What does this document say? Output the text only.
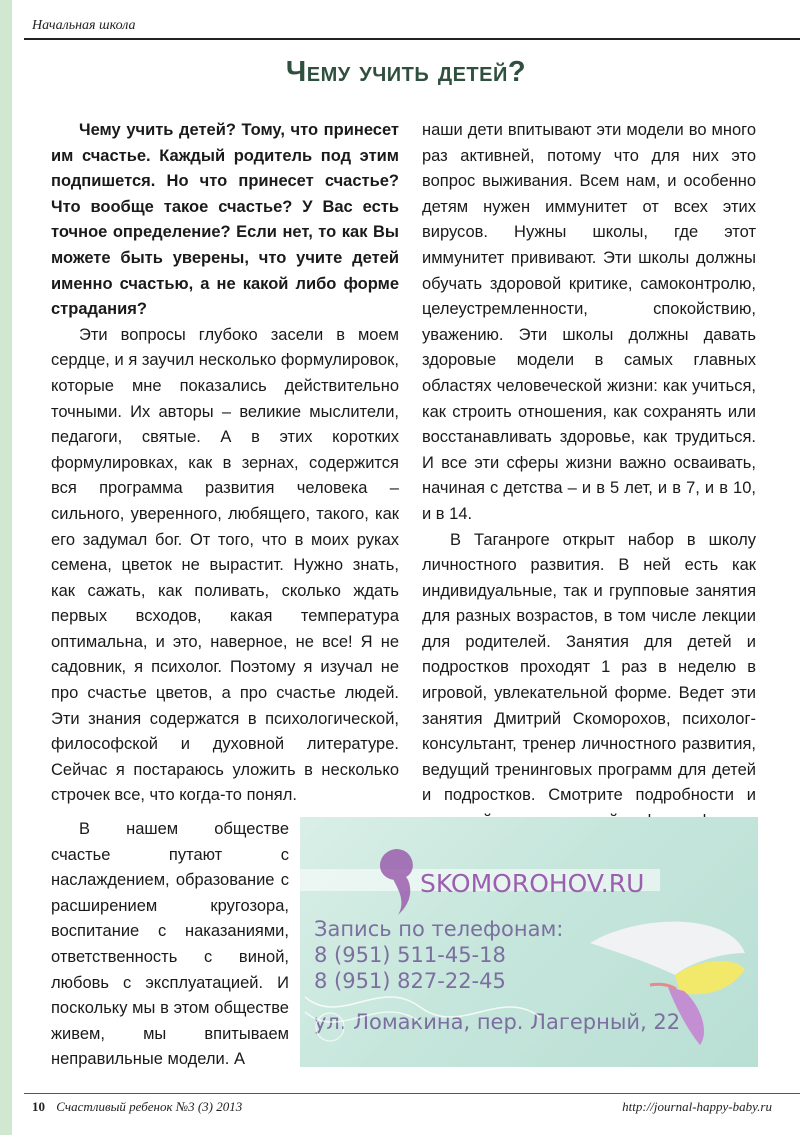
Начальная школа
Чему учить детей?

Чему учить детей? Тому, что принесет им счастье. Каждый родитель под этим подпишется. Но что принесет счастье? Что вообще такое счастье? У Вас есть точное определение? Если нет, то как Вы можете быть уверены, что учите детей именно счастью, а не какой либо форме страдания?

Эти вопросы глубоко засели в моем сердце, и я заучил несколько формулировок, которые мне показались действительно точными. Их авторы – великие мыслители, педагоги, святые. А в этих коротких формулировках, как в зернах, содержится вся программа развития человека – сильного, уверенного, любящего, такого, как его задумал бог. От того, что в моих руках семена, цветок не вырастит. Нужно знать, как сажать, как поливать, сколько ждать первых всходов, какая температура оптимальна, и это, наверное, не все! Я не садовник, я психолог. Поэтому я изучал не про счастье цветов, а про счастье людей. Эти знания содержатся в психологической, философской и духовной литературе. Сейчас я постараюсь уложить в несколько строчек все, что когда-то понял.

В нашем обществе счастье путают с наслаждением, образование с расширением кругозора, воспитание с наказаниями, ответственность с виной, любовь с эксплуатацией. И поскольку мы в этом обществе живем, мы впитываем неправильные модели. А

наши дети впитывают эти модели во много раз активней, потому что для них это вопрос выживания. Всем нам, и особенно детям нужен иммунитет от всех этих вирусов. Нужны школы, где этот иммунитет прививают. Эти школы должны обучать здоровой критике, самоконтролю, целеустремленности, спокойствию, уважению. Эти школы должны давать здоровые модели в самых главных областях человеческой жизни: как учиться, как строить отношения, как сохранять или восстанавливать здоровье, как трудиться. И все эти сферы жизни важно осваивать, начиная с детства – и в 5 лет, и в 7, и в 10, и в 14.

В Таганроге открыт набор в школу личностного развития. В ней есть как индивидуальные, так и групповые занятия для разных возрастов, в том числе лекции для родителей. Занятия для детей и подростков проходят 1 раз в неделю в игровой, увлекательной форме. Ведет эти занятия Дмитрий Скоморохов, психолог-консультант, тренер личностного развития, ведущий тренинговых программ для детей и подростков. Смотрите подробности и

SKOMOROHOV.RU
Запись по телефонам:
8 (951) 511-45-18
8 (951) 827-22-45
ул. Ломакина, пер. Лагерный, 22
10 Счастливый ребенок №3 (3) 2013	http://journal-happy-baby.ru
